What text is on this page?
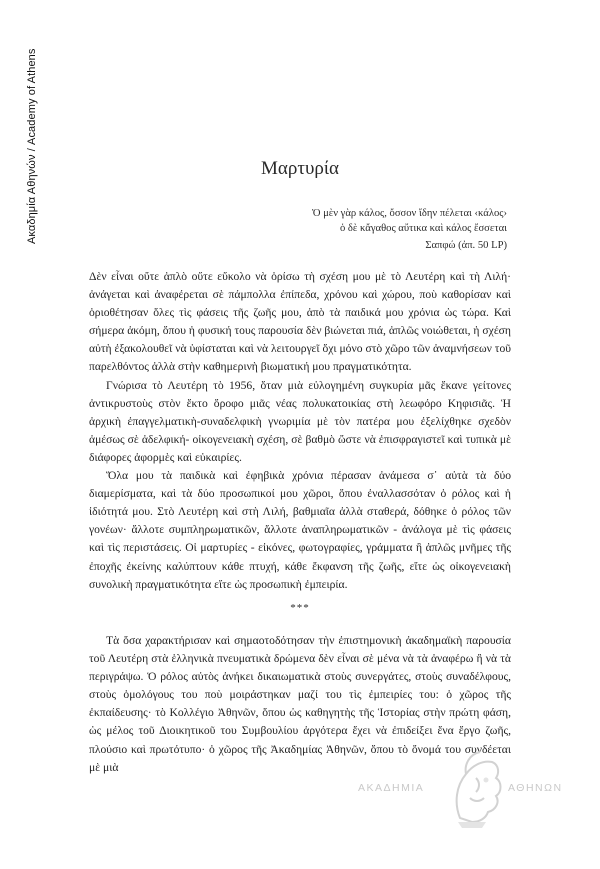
Ακαδημία Αθηνών / Academy of Athens	Μαρτυρία
Ὁ μὲν γὰρ κάλος, ὄσσον ἴδην πέλεται ‹κάλος›
ὁ δὲ κἄγαθος αὔτικα καὶ κάλος ἔσσεται
Σαπφώ (ἀπ. 50 LP)

Δὲν εἶναι οὔτε ἁπλὸ οὔτε εὔκολο νὰ ὁρίσω τὴ σχέση μου μὲ τὸ Λευτέρη καὶ τὴ Λιλή· ἀνάγεται καὶ ἀναφέρεται σὲ πάμπολλα ἐπίπεδα, χρόνου καὶ χώρου, ποὺ καθορίσαν καὶ ὁριοθέτησαν ὅλες τὶς φάσεις τῆς ζωῆς μου, ἀπὸ τὰ παιδικά μου χρόνια ὡς τώρα. Καὶ σήμερα ἀκόμη, ὅπου ἡ φυσική τους παρουσία δὲν βιώνεται πιά, ἁπλῶς νοιώθεται, ἡ σχέση αὐτὴ ἐξακολουθεῖ νὰ ὑφίσταται καὶ νὰ λειτουργεῖ ὄχι μόνο στὸ χῶρο τῶν ἀναμνήσεων τοῦ παρελθόντος ἀλλὰ στὴν καθημερινὴ βιωματική μου πραγματικότητα.

Γνώρισα τὸ Λευτέρη τὸ 1956, ὅταν μιὰ εὐλογημένη συγκυρία μᾶς ἔκανε γείτονες ἀντικρυστοὺς στὸν ἕκτο ὄροφο μιᾶς νέας πολυκατοικίας στὴ λεωφόρο Κηφισιᾶς. Ἡ ἀρχικὴ ἐπαγγελματικὴ-συναδελφικὴ γνωριμία μὲ τὸν πατέρα μου ἐξελίχθηκε σχεδὸν ἀμέσως σὲ ἀδελφική- οἰκογενειακὴ σχέση, σὲ βαθμὸ ὥστε νὰ ἐπισφραγιστεῖ καὶ τυπικὰ μὲ διάφορες ἀφορμὲς καὶ εὐκαιρίες.

Ὅλα μου τὰ παιδικὰ καὶ ἐφηβικὰ χρόνια πέρασαν ἀνάμεσα σ᾽ αὐτὰ τὰ δύο διαμερίσματα, καὶ τὰ δύο προσωπικοί μου χῶροι, ὅπου ἐναλλασσόταν ὁ ρόλος καὶ ἡ ἰδιότητά μου. Στὸ Λευτέρη καὶ στὴ Λιλή, βαθμιαῖα ἀλλὰ σταθερά, δόθηκε ὁ ρόλος τῶν γονέων· ἄλλοτε συμπληρωματικῶν, ἄλλοτε ἀναπληρωματικῶν - ἀνάλογα μὲ τὶς φάσεις καὶ τὶς περιστάσεις. Οἱ μαρτυρίες - εἰκόνες, φωτογραφίες, γράμματα ἢ ἁπλῶς μνῆμες τῆς ἐποχῆς ἐκείνης καλύπτουν κάθε πτυχή, κάθε ἔκφανση τῆς ζωῆς, εἴτε ὡς οἰκογενειακὴ συνολικὴ πραγματικότητα εἴτε ὡς προσωπικὴ ἐμπειρία.

***

Τὰ ὅσα χαρακτήρισαν καὶ σημαοτοδότησαν τὴν ἐπιστημονικὴ ἀκαδημαϊκὴ παρουσία τοῦ Λευτέρη στὰ ἑλληνικὰ πνευματικὰ δρώμενα δὲν εἶναι σὲ μένα νὰ τὰ ἀναφέρω ἢ νὰ τὰ περιγράψω. Ὁ ρόλος αὐτὸς ἀνήκει δικαιωματικὰ στοὺς συνεργάτες, στοὺς συναδέλφους, στοὺς ὁμολόγους του ποὺ μοιράστηκαν μαζί του τὶς ἐμπειρίες του: ὁ χῶρος τῆς ἐκπαίδευσης· τὸ Κολλέγιο Ἀθηνῶν, ὅπου ὡς καθηγητὴς τῆς Ἱστορίας στὴν πρώτη φάση, ὡς μέλος τοῦ Διοικητικοῦ του Συμβουλίου ἀργότερα ἔχει νὰ ἐπιδείξει ἕνα ἔργο ζωῆς, πλούσιο καὶ πρωτότυπο· ὁ χῶρος τῆς Ἀκαδημίας Ἀθηνῶν, ὅπου τὸ ὄνομά του συνδέεται μὲ μιὰ

ΑΚΑΔΗΜΙΑ	ΑΘΗΝΩΝ
